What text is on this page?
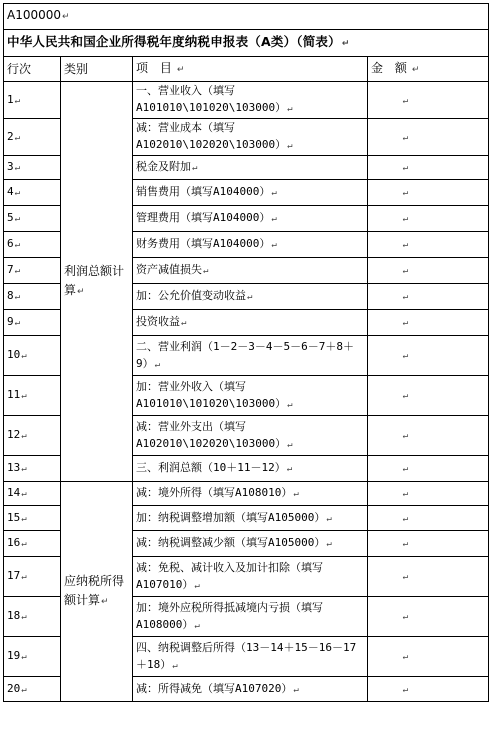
A100000↵			
中华人民共和国企业所得税年度纳税申报表（A类）（简表）↵			
行次	类别	项 目↵	金 额↵
1↵	利润总额计算↵	一、营业收入（填写A101010\101020\103000）↵	↵
2↵		减：营业成本（填写A102010\102020\103000）↵	↵
3↵		税金及附加↵	↵
4↵		销售费用（填写A104000）↵	↵
5↵		管理费用（填写A104000）↵	↵
6↵		财务费用（填写A104000）↵	↵
7↵		资产减值损失↵	↵
8↵		加：公允价值变动收益↵	↵
9↵		投资收益↵	↵
10↵		二、营业利润（1－2－3－4－5－6－7＋8＋9）↵	↵
11↵		加：营业外收入（填写A101010\101020\103000）↵	↵
12↵		减：营业外支出（填写A102010\102020\103000）↵	↵
13↵		三、利润总额（10＋11－12）↵	↵
14↵	应纳税所得额计算↵	减：境外所得（填写A108010）↵	↵
15↵		加：纳税调整增加额（填写A105000）↵	↵
16↵		减：纳税调整减少额（填写A105000）↵	↵
17↵		减：免税、减计收入及加计扣除（填写A107010）↵	↵
18↵		加：境外应税所得抵减境内亏损（填写A108000）↵	↵
19↵		四、纳税调整后所得（13－14＋15－16－17＋18）↵	↵
20↵		减：所得减免（填写A107020）↵	↵
